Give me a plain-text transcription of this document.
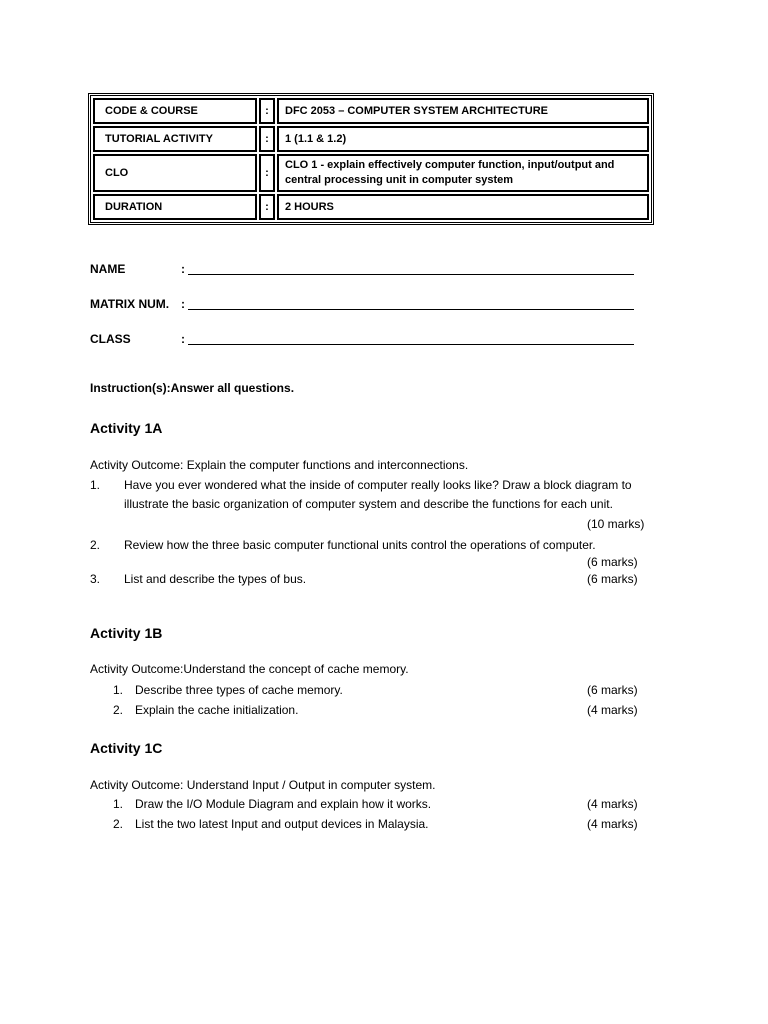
CODE & COURSE	:	DFC 2053 – COMPUTER SYSTEM ARCHITECTURE
TUTORIAL ACTIVITY	:	1 (1.1 & 1.2)
CLO	:	CLO 1 - explain effectively computer function, input/output and central processing unit in computer system
DURATION	:	2 HOURS
NAME	:
MATRIX NUM. :
CLASS	:
Instruction(s):Answer all questions.
Activity 1A
Activity Outcome: Explain the computer functions and interconnections.
1. Have you ever wondered what the inside of computer really looks like? Draw a block diagram to
illustrate the basic organization of computer system and describe the functions for each unit.
(10 marks)
2. Review how the three basic computer functional units control the operations of computer.
(6 marks)
3. List and describe the types of bus.	(6 marks)
Activity 1B
Activity Outcome:Understand the concept of cache memory.
1. Describe three types of cache memory.	(6 marks)
2. Explain the cache initialization.	(4 marks)
Activity 1C
Activity Outcome: Understand Input / Output in computer system.
1. Draw the I/O Module Diagram and explain how it works.	(4 marks)
2. List the two latest Input and output devices in Malaysia.	(4 marks)
